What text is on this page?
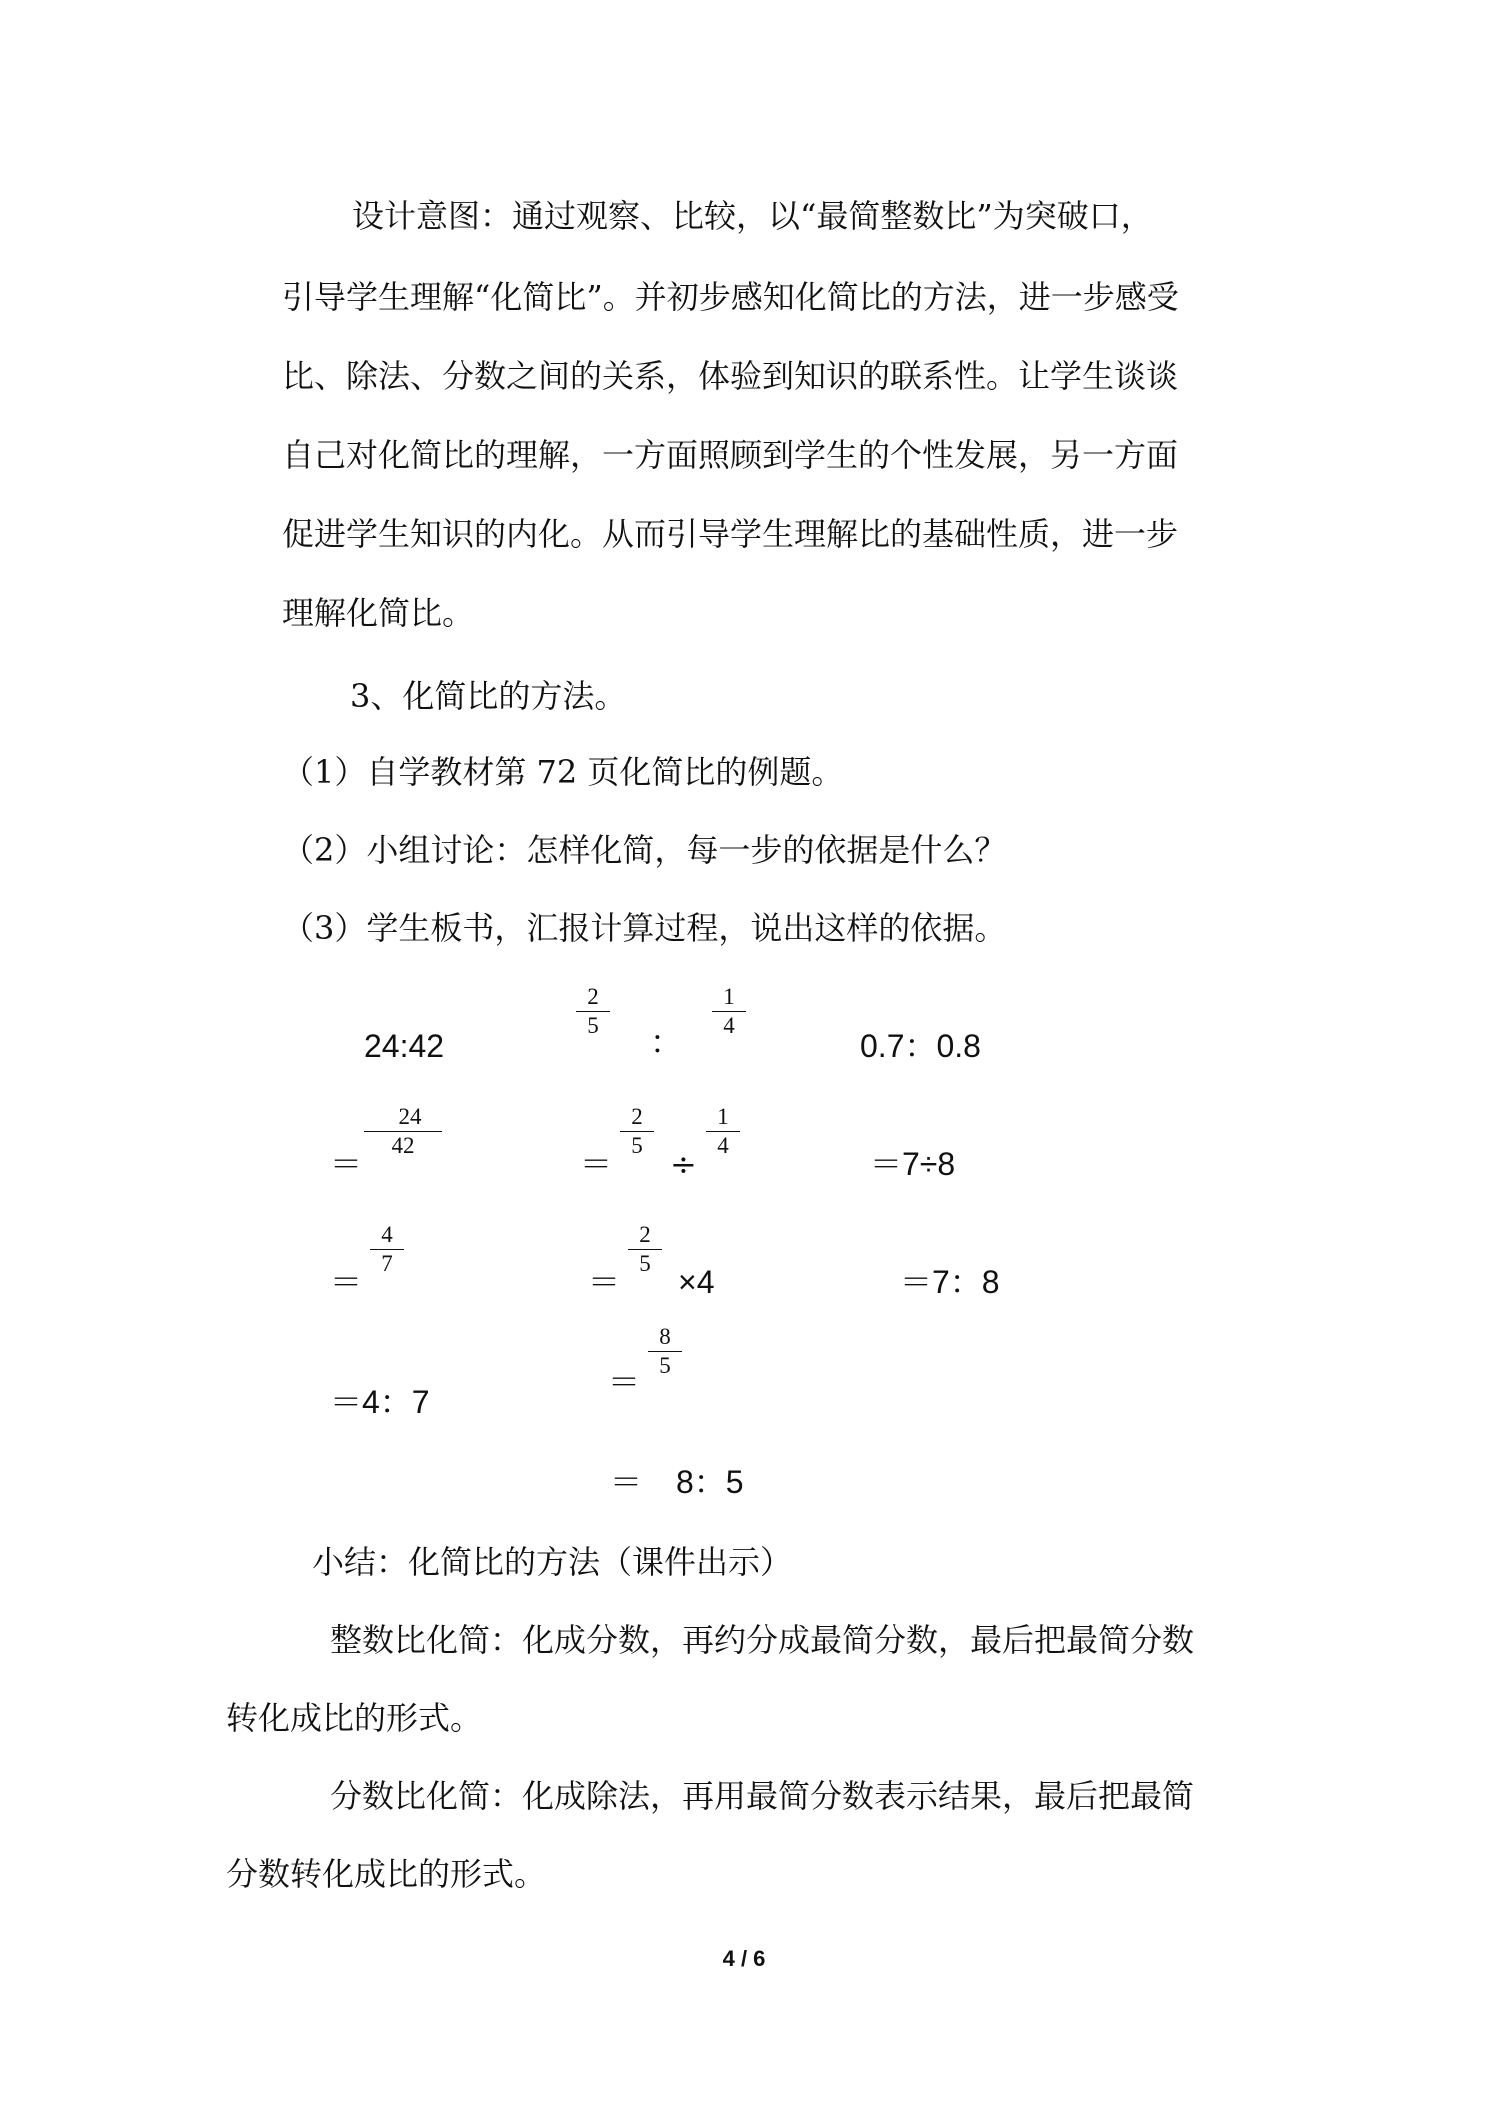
设计意图：通过观察、比较，以“最简整数比”为突破口，
引导学生理解“化简比”。并初步感知化简比的方法，进一步感受
比、除法、分数之间的关系，体验到知识的联系性。让学生谈谈
自己对化简比的理解，一方面照顾到学生的个性发展，另一方面
促进学生知识的内化。从而引导学生理解比的基础性质，进一步
理解化简比。
3、化简比的方法。
（1）自学教材第 72 页化简比的例题。
（2）小组讨论：怎样化简，每一步的依据是什么？
（3）学生板书，汇报计算过程，说出这样的依据。
24:42
＝
$\frac{24}{42}$
＝
$\frac{4}{7}$
＝4：7
$\frac{2}{5}$
：
$\frac{1}{4}$
＝
$\frac{2}{5}$
÷
$\frac{1}{4}$
＝
$\frac{2}{5}$
×4
＝
$\frac{8}{5}$
＝ 8：5
0.7：0.8
＝7÷8
＝7：8
小结：化简比的方法（课件出示）
整数比化简：化成分数，再约分成最简分数，最后把最简分数
转化成比的形式。
分数比化简：化成除法，再用最简分数表示结果，最后把最简
分数转化成比的形式。
4 / 6
